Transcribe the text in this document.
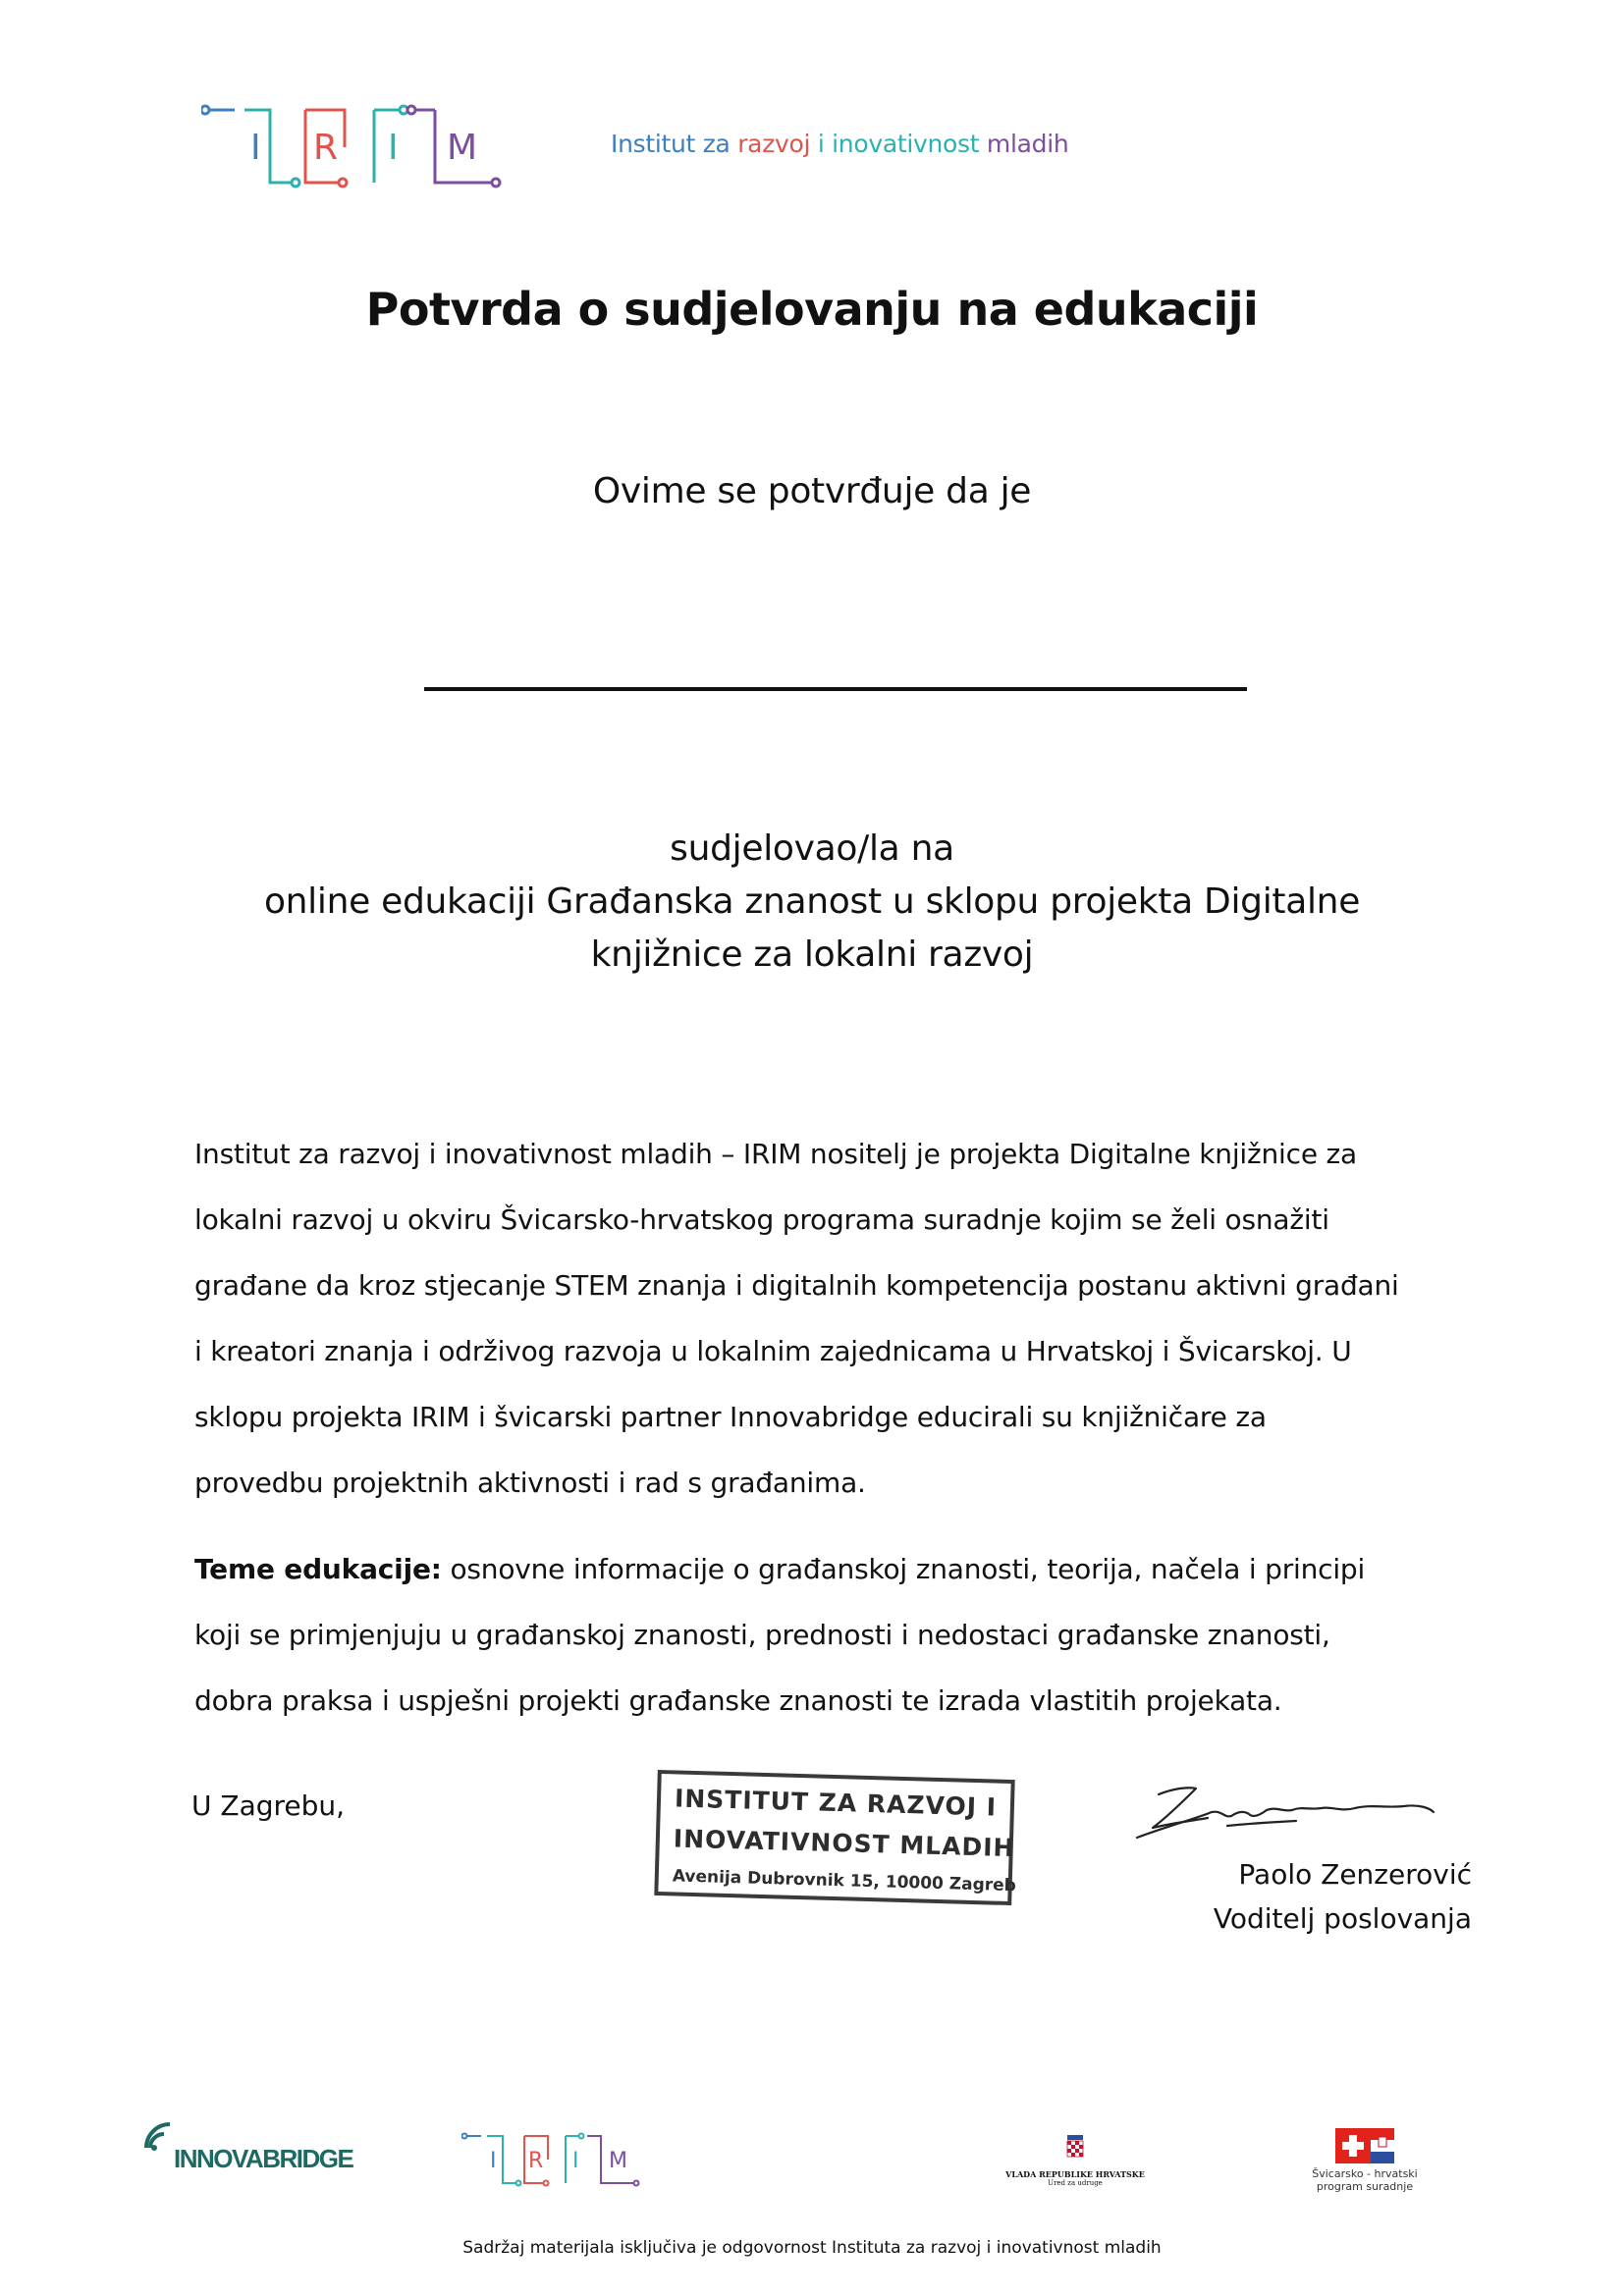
I R I M	Institut za razvoj i inovativnost mladih
Potvrda o sudjelovanju na edukaciji
Ovime se potvrđuje da je
sudjelovao/la na
online edukaciji Građanska znanost u sklopu projekta Digitalne
knjižnice za lokalni razvoj
Institut za razvoj i inovativnost mladih – IRIM nositelj je projekta Digitalne knjižnice za
lokalni razvoj u okviru Švicarsko-hrvatskog programa suradnje kojim se želi osnažiti
građane da kroz stjecanje STEM znanja i digitalnih kompetencija postanu aktivni građani
i kreatori znanja i održivog razvoja u lokalnim zajednicama u Hrvatskoj i Švicarskoj. U
sklopu projekta IRIM i švicarski partner Innovabridge educirali su knjižničare za
provedbu projektnih aktivnosti i rad s građanima.
Teme edukacije: osnovne informacije o građanskoj znanosti, teorija, načela i principi
koji se primjenjuju u građanskoj znanosti, prednosti i nedostaci građanske znanosti,
dobra praksa i uspješni projekti građanske znanosti te izrada vlastitih projekata.
U Zagrebu,	INSTITUT ZA RAZVOJ I
INOVATIVNOST MLADIH
Avenija Dubrovnik 15, 10000 Zagreb	Paolo Zenzerović
Voditelj poslovanja
INNOVABRIDGE	I R I M
VLADA REPUBLIKE HRVATSKE
Ured za udruge
Švicarsko - hrvatski
program suradnje
Sadržaj materijala isključiva je odgovornost Instituta za razvoj i inovativnost mladih
